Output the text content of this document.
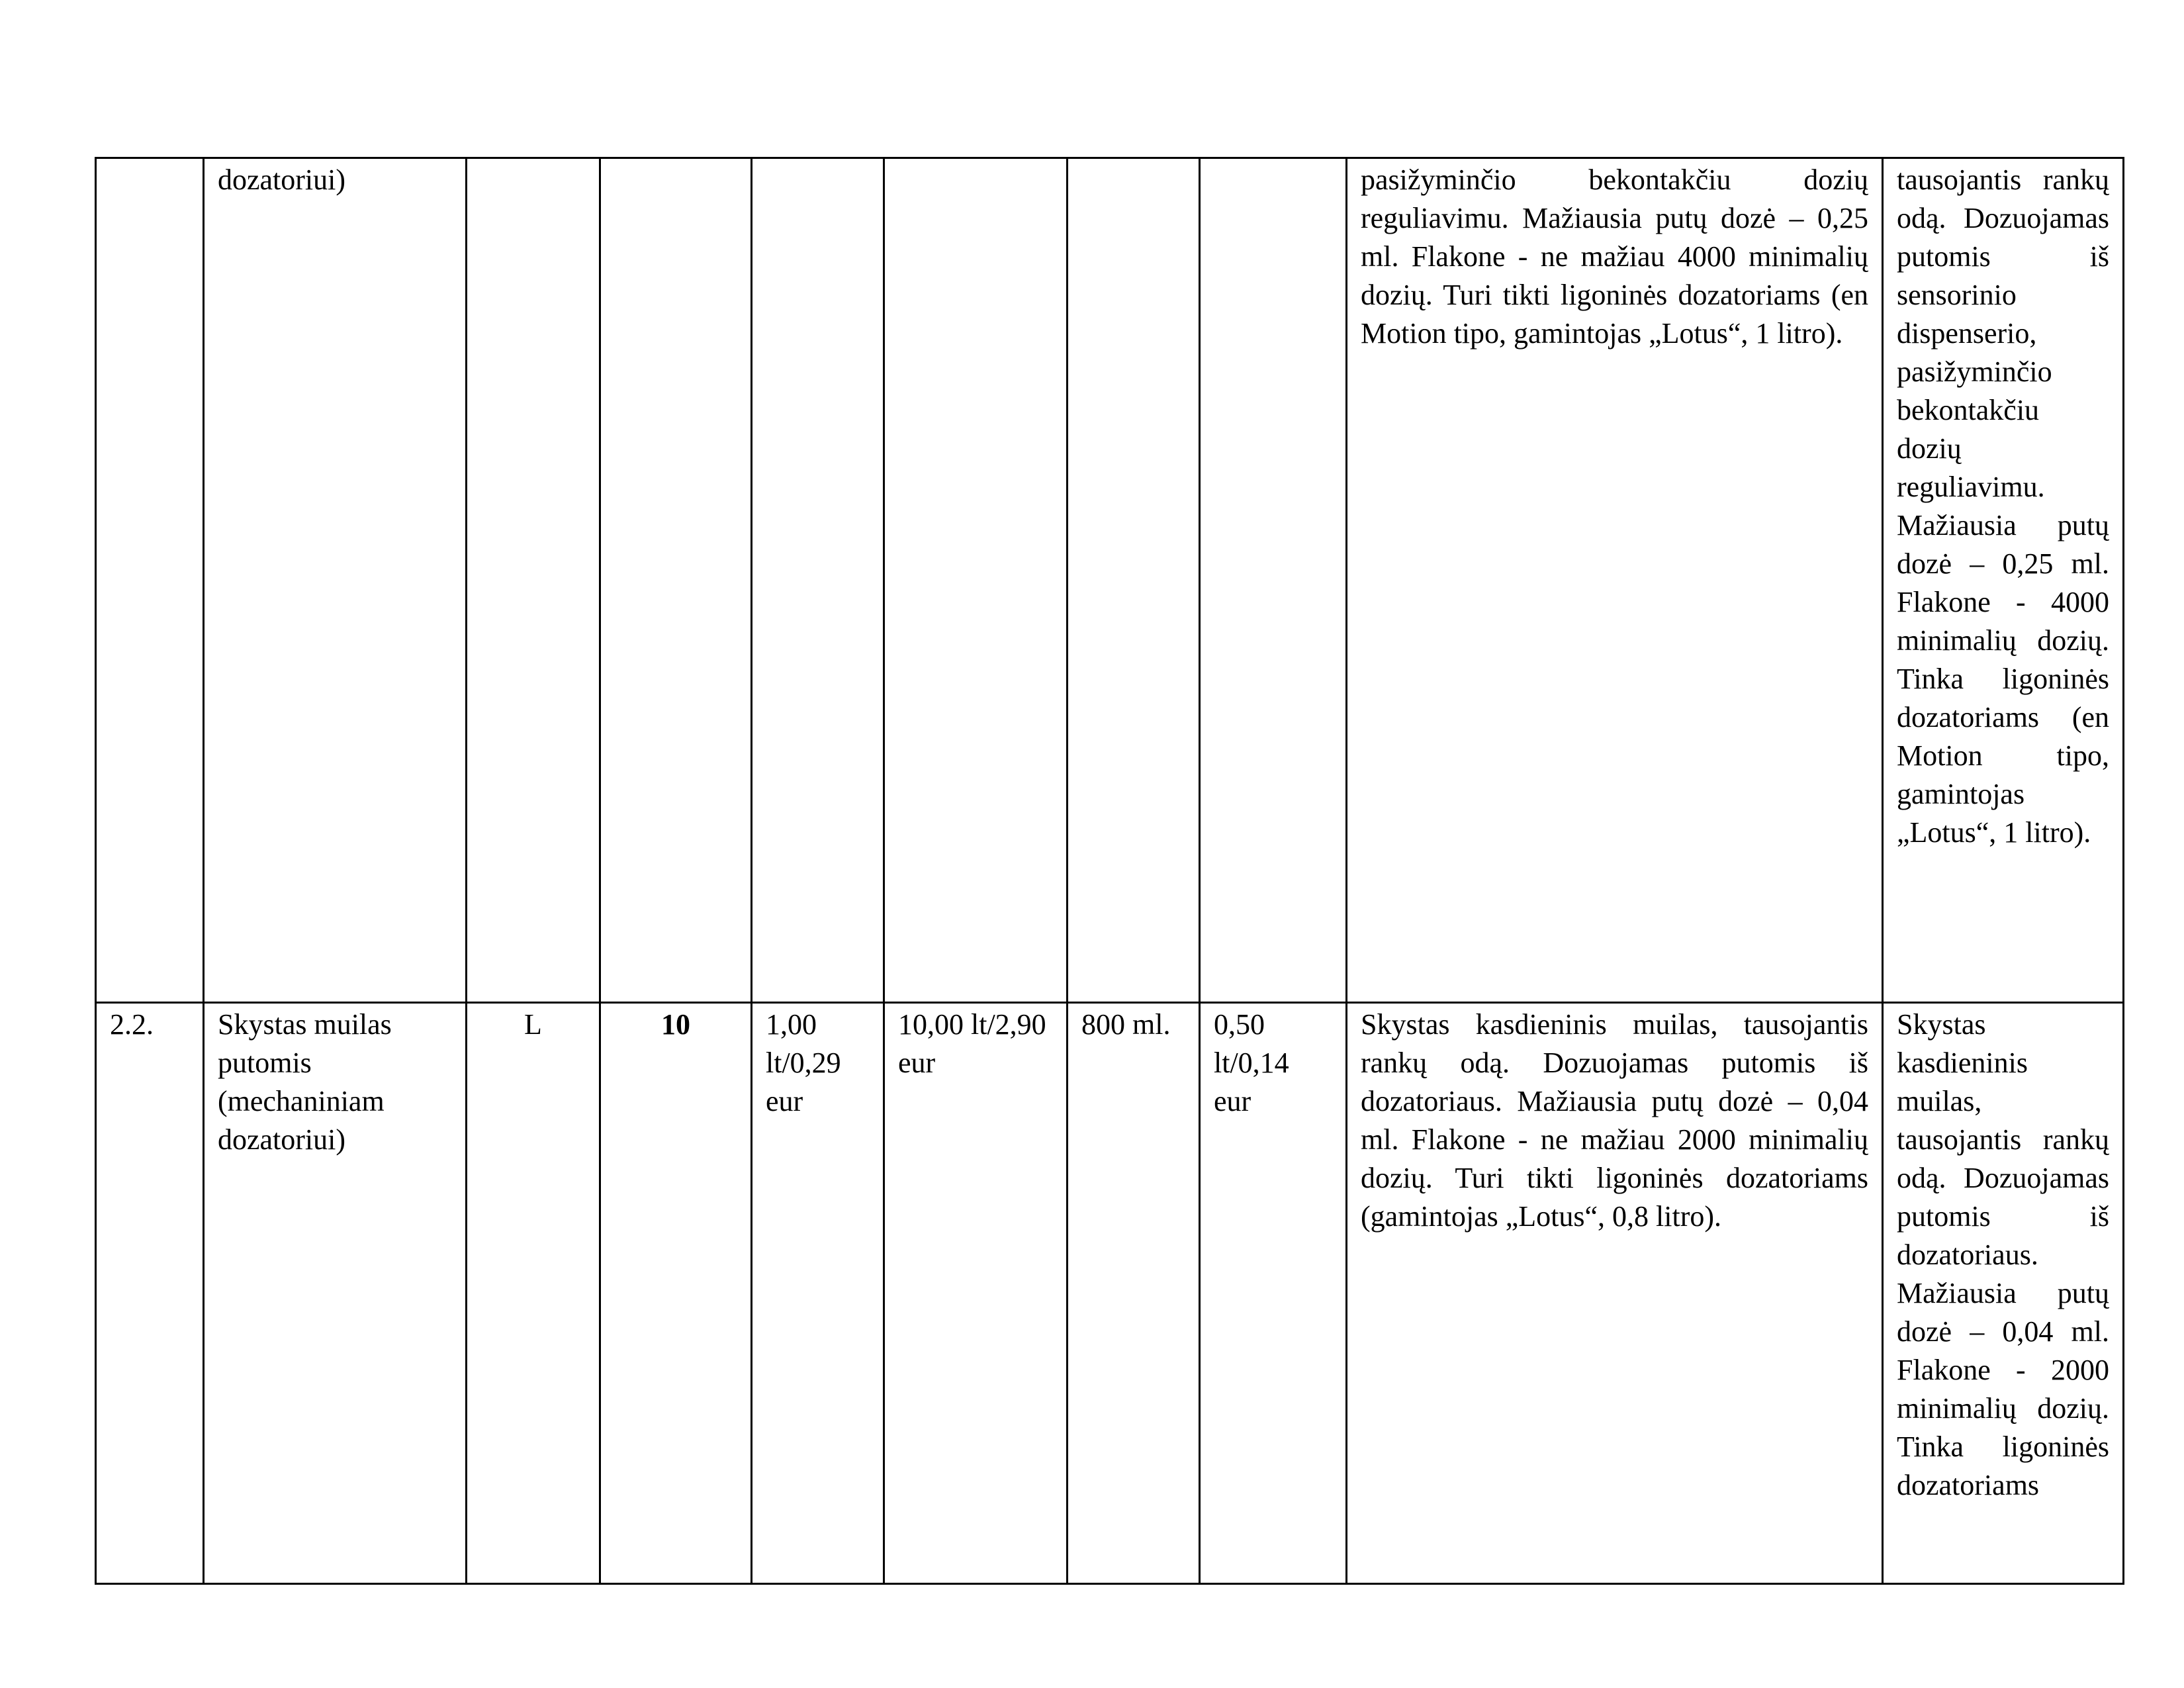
	dozatoriui)							pasižyminčio bekontakčiu dozių reguliavimu. Mažiausia putų dozė – 0,25 ml. Flakone - ne mažiau 4000 minimalių dozių. Turi tikti ligoninės dozatoriams (en Motion tipo, gamintojas „Lotus“, 1 litro).	tausojantis rankų odą. Dozuojamas putomis iš sensorinio dispenserio, pasižyminčio bekontakčiu dozių reguliavimu. Mažiausia putų dozė – 0,25 ml. Flakone - 4000 minimalių dozių. Tinka ligoninės dozatoriams (en Motion tipo, gamintojas „Lotus“, 1 litro).
2.2.	Skystas muilas putomis (mechaniniam dozatoriui)	L	10	1,00 lt/0,29 eur	10,00 lt/2,90 eur	800 ml.	0,50 lt/0,14 eur	Skystas kasdieninis muilas, tausojantis rankų odą. Dozuojamas putomis iš dozatoriaus. Mažiausia putų dozė – 0,04 ml. Flakone - ne mažiau 2000 minimalių dozių. Turi tikti ligoninės dozatoriams (gamintojas „Lotus“, 0,8 litro).	Skystas kasdieninis muilas, tausojantis rankų odą. Dozuojamas putomis iš dozatoriaus. Mažiausia putų dozė – 0,04 ml. Flakone - 2000 minimalių dozių. Tinka ligoninės dozatoriams
